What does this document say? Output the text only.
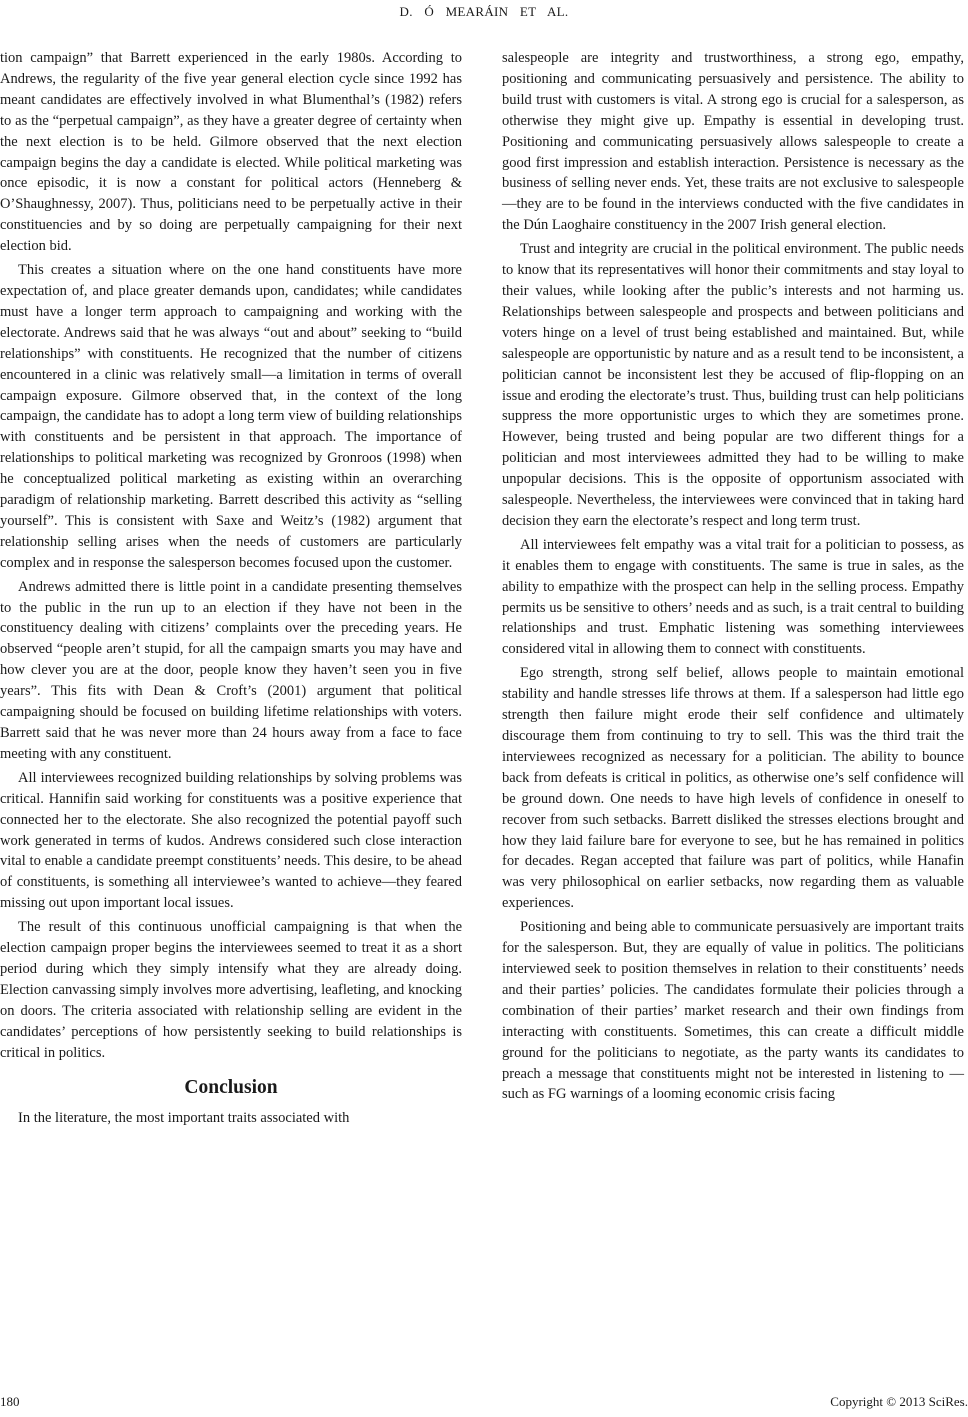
D. Ó MEARÁIN ET AL.

tion campaign” that Barrett experienced in the early 1980s. According to Andrews, the regularity of the five year general election cycle since 1992 has meant candidates are effectively involved in what Blumenthal’s (1982) refers to as the “perpetual campaign”, as they have a greater degree of certainty when the next election is to be held. Gilmore observed that the next election campaign begins the day a candidate is elected. While political marketing was once episodic, it is now a constant for political actors (Henneberg & O’Shaughnessy, 2007). Thus, politicians need to be perpetually active in their constituencies and by so doing are perpetually campaigning for their next election bid.

This creates a situation where on the one hand constituents have more expectation of, and place greater demands upon, candidates; while candidates must have a longer term approach to campaigning and working with the electorate. Andrews said that he was always “out and about” seeking to “build relationships” with constituents. He recognized that the number of citizens encountered in a clinic was relatively small—a limitation in terms of overall campaign exposure. Gilmore observed that, in the context of the long campaign, the candidate has to adopt a long term view of building relationships with constituents and be persistent in that approach. The importance of relationships to political marketing was recognized by Gronroos (1998) when he conceptualized political marketing as existing within an overarching paradigm of relationship marketing. Barrett described this activity as “selling yourself”. This is consistent with Saxe and Weitz’s (1982) argument that relationship selling arises when the needs of customers are particularly complex and in response the salesperson becomes focused upon the customer.

Andrews admitted there is little point in a candidate presenting themselves to the public in the run up to an election if they have not been in the constituency dealing with citizens’ complaints over the preceding years. He observed “people aren’t stupid, for all the campaign smarts you may have and how clever you are at the door, people know they haven’t seen you in five years”. This fits with Dean & Croft’s (2001) argument that political campaigning should be focused on building lifetime relationships with voters. Barrett said that he was never more than 24 hours away from a face to face meeting with any constituent.

All interviewees recognized building relationships by solving problems was critical. Hannifin said working for constituents was a positive experience that connected her to the electorate. She also recognized the potential payoff such work generated in terms of kudos. Andrews considered such close interaction vital to enable a candidate preempt constituents’ needs. This desire, to be ahead of constituents, is something all interviewee’s wanted to achieve—they feared missing out upon important local issues.

The result of this continuous unofficial campaigning is that when the election campaign proper begins the interviewees seemed to treat it as a short period during which they simply intensify what they are already doing. Election canvassing simply involves more advertising, leafleting, and knocking on doors. The criteria associated with relationship selling are evident in the candidates’ perceptions of how persistently seeking to build relationships is critical in politics.

Conclusion

In the literature, the most important traits associated with

salespeople are integrity and trustworthiness, a strong ego, empathy, positioning and communicating persuasively and persistence. The ability to build trust with customers is vital. A strong ego is crucial for a salesperson, as otherwise they might give up. Empathy is essential in developing trust. Positioning and communicating persuasively allows salespeople to create a good first impression and establish interaction. Persistence is necessary as the business of selling never ends. Yet, these traits are not exclusive to salespeople—they are to be found in the interviews conducted with the five candidates in the Dún Laoghaire constituency in the 2007 Irish general election.

Trust and integrity are crucial in the political environment. The public needs to know that its representatives will honor their commitments and stay loyal to their values, while looking after the public’s interests and not harming us. Relationships between salespeople and prospects and between politicians and voters hinge on a level of trust being established and maintained. But, while salespeople are opportunistic by nature and as a result tend to be inconsistent, a politician cannot be inconsistent lest they be accused of flip-flopping on an issue and eroding the electorate’s trust. Thus, building trust can help politicians suppress the more opportunistic urges to which they are sometimes prone. However, being trusted and being popular are two different things for a politician and most interviewees admitted they had to be willing to make unpopular decisions. This is the opposite of opportunism associated with salespeople. Nevertheless, the interviewees were convinced that in taking hard decision they earn the electorate’s respect and long term trust.

All interviewees felt empathy was a vital trait for a politician to possess, as it enables them to engage with constituents. The same is true in sales, as the ability to empathize with the prospect can help in the selling process. Empathy permits us be sensitive to others’ needs and as such, is a trait central to building relationships and trust. Emphatic listening was something interviewees considered vital in allowing them to connect with constituents.

Ego strength, strong self belief, allows people to maintain emotional stability and handle stresses life throws at them. If a salesperson had little ego strength then failure might erode their self confidence and ultimately discourage them from continuing to try to sell. This was the third trait the interviewees recognized as necessary for a politician. The ability to bounce back from defeats is critical in politics, as otherwise one’s self confidence will be ground down. One needs to have high levels of confidence in oneself to recover from such setbacks. Barrett disliked the stresses elections brought and how they laid failure bare for everyone to see, but he has remained in politics for decades. Regan accepted that failure was part of politics, while Hanafin was very philosophical on earlier setbacks, now regarding them as valuable experiences.

Positioning and being able to communicate persuasively are important traits for the salesperson. But, they are equally of value in politics. The politicians interviewed seek to position themselves in relation to their constituents’ needs and their parties’ policies. The candidates formulate their policies through a combination of their parties’ market research and their own findings from interacting with constituents. Sometimes, this can create a difficult middle ground for the politicians to negotiate, as the party wants its candidates to preach a message that constituents might not be interested in listening to —such as FG warnings of a looming economic crisis facing

180	Copyright © 2013 SciRes.
